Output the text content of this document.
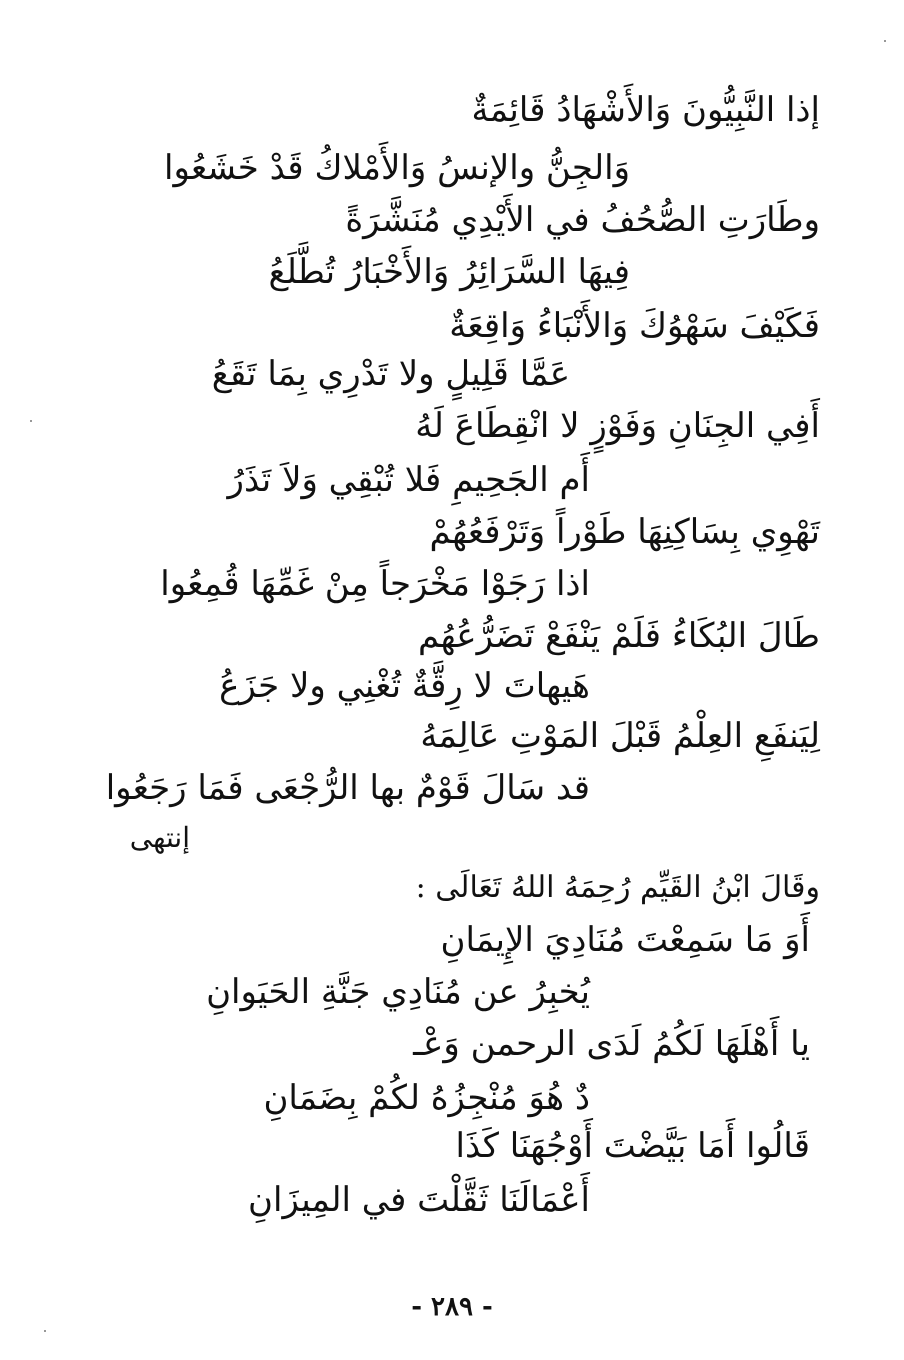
إذا النَّبِيُّونَ وَالأَشْهَادُ قَائِمَةٌ
وَالجِنُّ والإنسُ وَالأَمْلاكُ قَدْ خَشَعُوا
وطَارَتِ الصُّحُفُ في الأَيْدِي مُنَشَّرَةً
فِيهَا السَّرَائِرُ وَالأَخْبَارُ تُطَّلَعُ
فَكَيْفَ سَهْوُكَ وَالأَنْبَاءُ وَاقِعَةٌ
عَمَّا قَلِيلٍ ولا تَدْرِي بِمَا تَقَعُ
أَفِي الجِنَانِ وَفَوْزٍ لا انْقِطَاعَ لَهُ
أَم الجَحِيمِ فَلا تُبْقِي وَلاَ تَذَرُ
تَهْوِي بِسَاكِنِهَا طَوْراً وَتَرْفَعُهُمْ
اذا رَجَوْا مَخْرَجاً مِنْ غَمِّهَا قُمِعُوا
طَالَ البُكَاءُ فَلَمْ يَنْفَعْ تَضَرُّعُهُم
هَيهاتَ لا رِقَّةٌ تُغْنِي ولا جَزَعُ
لِيَنفَعِ العِلْمُ قَبْلَ المَوْتِ عَالِمَهُ
قد سَالَ قَوْمٌ بها الرُّجْعَى فَمَا رَجَعُوا
إنتهى
وقَالَ ابْنُ القَيِّم رُحِمَهُ اللهُ تَعَالَى :
أَوَ مَا سَمِعْتَ مُنَادِيَ الإِيمَانِ
يُخبِرُ عن مُنَادِي جَنَّةِ الحَيَوانِ
يا أَهْلَهَا لَكُمُ لَدَى الرحمن وَعْـ
دٌ هُوَ مُنْجِزُهُ لكُمْ بِضَمَانِ
قَالُوا أَمَا بَيَّضْتَ أَوْجُهَنَا كَذَا
أَعْمَالَنَا ثَقَّلْتَ في المِيزَانِ
- ٢٨٩ -
